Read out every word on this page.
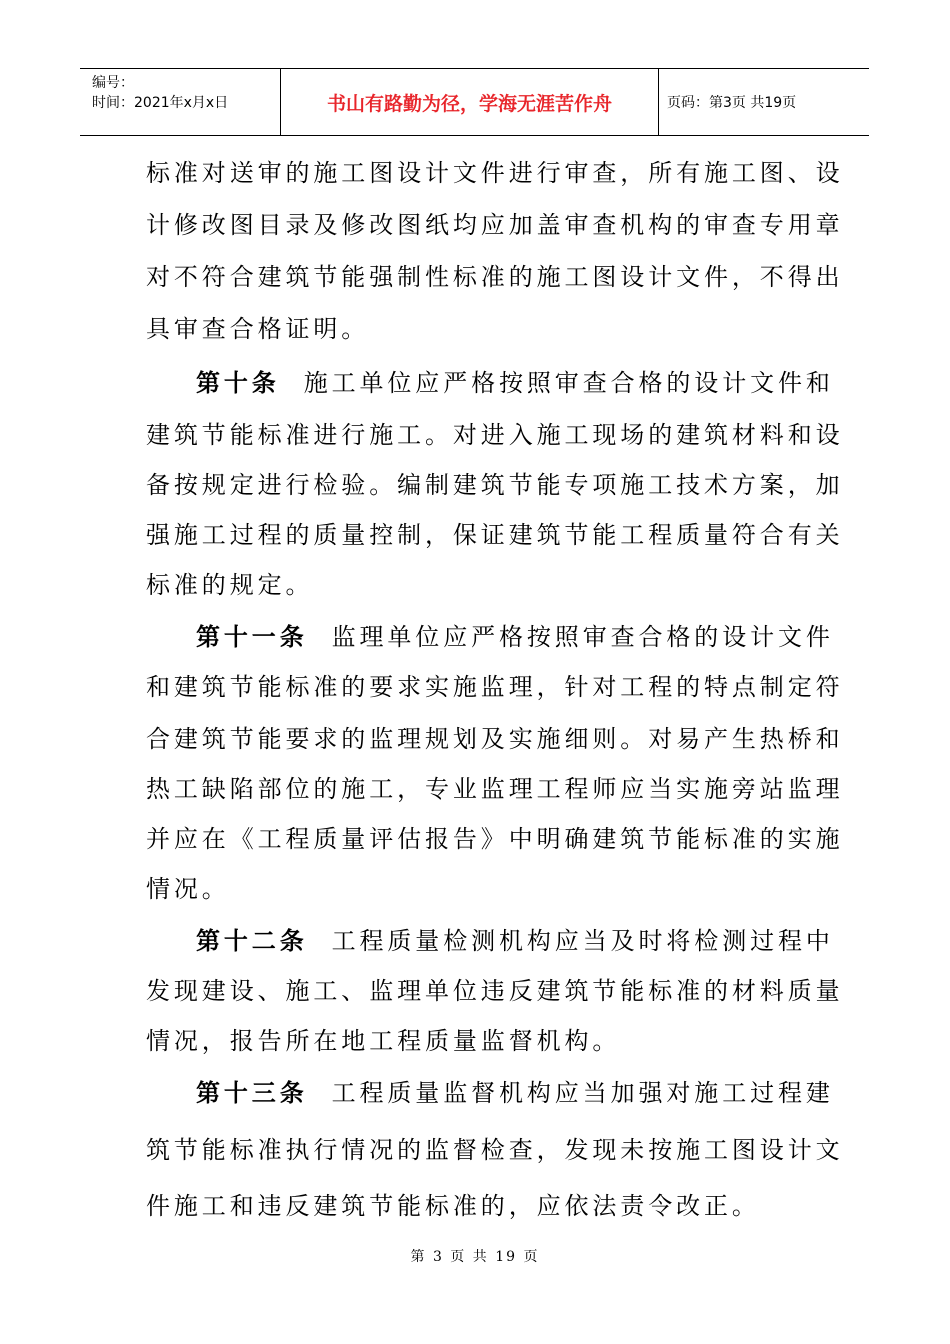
编号：
时间：2021年x月x日	书山有路勤为径，学海无涯苦作舟	页码：第3页 共19页
标准对送审的施工图设计文件进行审查，所有施工图、设
计修改图目录及修改图纸均应加盖审查机构的审查专用章
对不符合建筑节能强制性标准的施工图设计文件，不得出
具审查合格证明。
第十条 施工单位应严格按照审查合格的设计文件和
建筑节能标准进行施工。对进入施工现场的建筑材料和设
备按规定进行检验。编制建筑节能专项施工技术方案，加
强施工过程的质量控制，保证建筑节能工程质量符合有关
标准的规定。
第十一条 监理单位应严格按照审查合格的设计文件
和建筑节能标准的要求实施监理，针对工程的特点制定符
合建筑节能要求的监理规划及实施细则。对易产生热桥和
热工缺陷部位的施工，专业监理工程师应当实施旁站监理
并应在《工程质量评估报告》中明确建筑节能标准的实施
情况。
第十二条 工程质量检测机构应当及时将检测过程中
发现建设、施工、监理单位违反建筑节能标准的材料质量
情况，报告所在地工程质量监督机构。
第十三条 工程质量监督机构应当加强对施工过程建
筑节能标准执行情况的监督检查，发现未按施工图设计文
件施工和违反建筑节能标准的，应依法责令改正。
第 3 页 共 19 页
